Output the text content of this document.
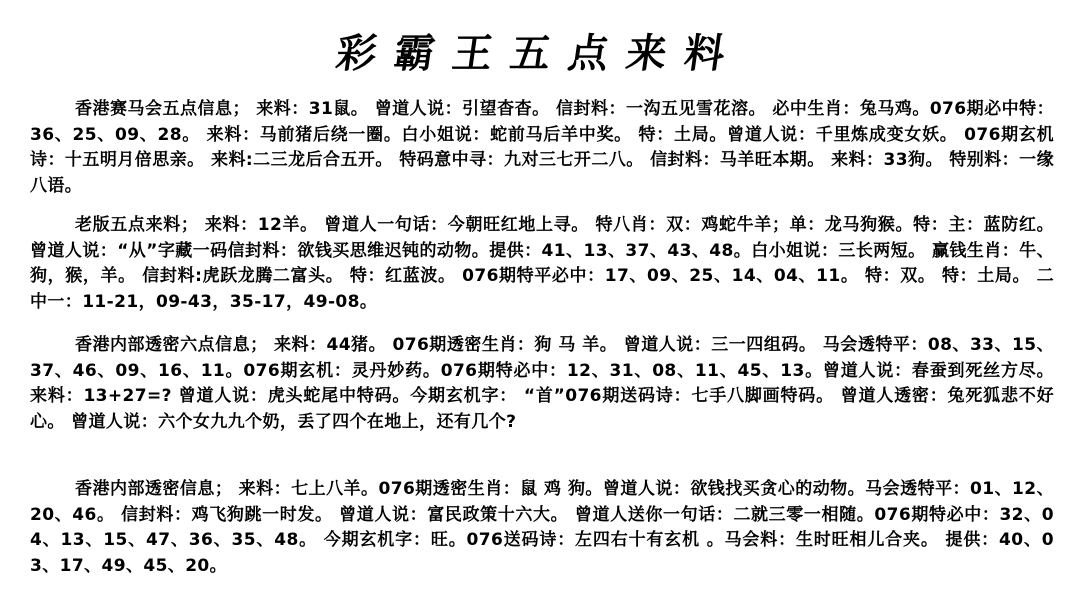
彩霸王五点来料

香港赛马会五点信息； 来料：31鼠。 曾道人说：引望杳杳。 信封料：一沟五见雪花溶。 必中生肖：兔马鸡。076期必中特：36、25、09、28。 来料：马前猪后绕一圈。白小姐说：蛇前马后羊中奖。 特：土局。曾道人说：千里炼成变女妖。 076期玄机诗：十五明月倍思亲。 来料:二三龙后合五开。 特码意中寻：九对三七开二八。 信封料：马羊旺本期。 来料：33狗。 特别料：一缘八语。

老版五点来料； 来料：12羊。 曾道人一句话：今朝旺红地上寻。 特八肖：双：鸡蛇牛羊；单：龙马狗猴。特：主：蓝防红。 曾道人说：“从”字藏一码信封料：欲钱买思维迟钝的动物。提供：41、13、37、43、48。白小姐说：三长两短。 赢钱生肖：牛、狗，猴，羊。 信封料:虎跃龙腾二富头。 特：红蓝波。 076期特平必中：17、09、25、14、04、11。 特：双。 特：土局。 二中一：11-21，09-43，35-17，49-08。

香港内部透密六点信息； 来料：44猪。 076期透密生肖：狗 马 羊。 曾道人说：三一四组码。 马会透特平：08、33、15、37、46、09、16、11。076期玄机：灵丹妙药。076期特必中：12、31、08、11、45、13。曾道人说：春蚕到死丝方尽。 来料：13+27=? 曾道人说：虎头蛇尾中特码。今期玄机字： “首”076期送码诗：七手八脚画特码。 曾道人透密：兔死狐悲不好心。 曾道人说：六个女九九个奶，丢了四个在地上，还有几个?

香港内部透密信息； 来料：七上八羊。076期透密生肖：鼠 鸡 狗。曾道人说：欲钱找买贪心的动物。马会透特平：01、12、20、46。 信封料：鸡飞狗跳一时发。 曾道人说：富民政策十六大。 曾道人送你一句话：二就三零一相随。076期特必中：32、04、13、15、47、36、35、48。 今期玄机字：旺。076送码诗：左四右十有玄机 。马会料：生时旺相儿合夹。 提供：40、03、17、49、45、20。
